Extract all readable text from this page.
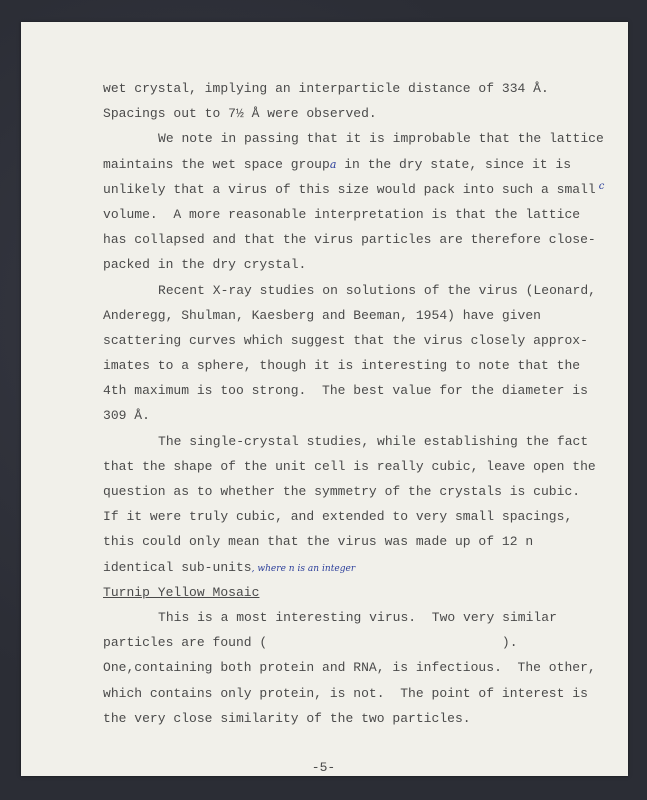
wet crystal, implying an interparticle distance of 334 Å.
Spacings out to 7½ Å were observed.
We note in passing that it is improbable that the lattice
maintains the wet space groupa in the dry state, since it is
unlikely that a virus of this size would pack into such a small $^c$
volume.  A more reasonable interpretation is that the lattice
has collapsed and that the virus particles are therefore close-
packed in the dry crystal.
Recent X-ray studies on solutions of the virus (Leonard,
Anderegg, Shulman, Kaesberg and Beeman, 1954) have given
scattering curves which suggest that the virus closely approx-
imates to a sphere, though it is interesting to note that the
4th maximum is too strong.  The best value for the diameter is
309 Å.
The single-crystal studies, while establishing the fact
that the shape of the unit cell is really cubic, leave open the
question as to whether the symmetry of the crystals is cubic.
If it were truly cubic, and extended to very small spacings,
this could only mean that the virus was made up of 12 n
identical sub-units, where n is an integer
Turnip Yellow Mosaic
This is a most interesting virus.  Two very similar
particles are found (                              ).
One,containing both protein and RNA, is infectious.  The other,
which contains only protein, is not.  The point of interest is
the very close similarity of the two particles.
-5-
